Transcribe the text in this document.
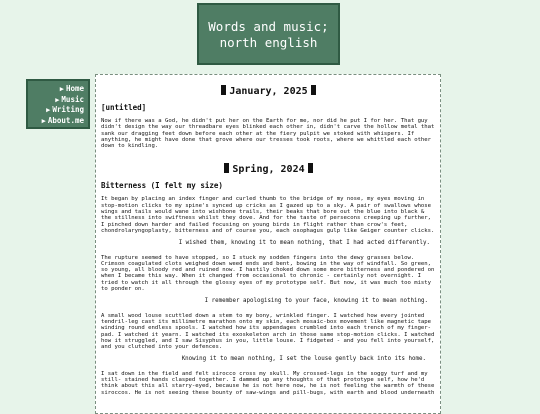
Words and music;
north english
▶ Home
▶ Music
▶ Writing
▶ About.me
January, 2025
[untitled]

Now if there was a God, he didn't put her on the Earth for me, nor did he put I for her. That guy didn't design the way our threadbare eyes blinked each other in, didn't carve the hollow metal that sank our dragging feet down before each other at the fiery pulpit we stoked with whispers. If anything, he might have done that grove where our tresses took roots, where we whittled each other down to kindling.

Spring, 2024
Bitterness (I felt my size)

It began by placing an index finger and curled thumb to the bridge of my nose, my eyes moving in stop-motion clicks to my spine's synced up cricks as I gazed up to a sky. A pair of swallows whose wings and tails would wane into wishbone trails, their beaks that bore out the blue into black & the stillness into swiftness whilst they dove. And for the taste of persecons creeping up further, I pinched down harder and failed focusing on young birds in flight rather than crow's feet, chondrolaryngoplasty, bitterness and of course you, each osophagus gulp like Geiger counter clicks.

I wished them, knowing it to mean nothing, that I had acted differently.

The rupture seemed to have stopped, so I stuck my sodden fingers into the dewy grasses below. Crimson coagulated clots weighed down weed ends and bent, bowing in the way of windfall. So green, so young, all bloody red and ruined now. I hastily choked down some more bitterness and pondered on when I became this way. When it changed from occasional to chronic - certainly not overnight. I tried to watch it all through the glossy eyes of my prototype self. But now, it was much too misty to ponder on.

I remember apologising to your face, knowing it to mean nothing.

A small wood louse scuttled down a stem to my bony, wrinkled finger. I watched how every jointed tendril-leg cast its millimetre marathon onto my skin, each mosaic-box movement like magnetic tape winding round endless spools. I watched how its appendages crumbled into each trench of my finger-pad. I watched it yearn. I watched its exoskeleton arch in those same stop-motion clicks. I watched how it struggled, and I saw Sisyphus in you, little louse. I fidgeted - and you fell into yourself, and you clutched into your defences.

Knowing it to mean nothing, I set the louse gently back into its home.

I sat down in the field and felt sirocco cross my skull. My crossed-legs in the soggy turf and my still- stained hands clasped together. I dammed up any thoughts of that prototype self, how he'd think about this all starry-eyed, because he is not here now, he is not feeling the warmth of these siroccos. He is not seeing these bounty of saw-wings and pill-bugs, with earth and blood underneath
